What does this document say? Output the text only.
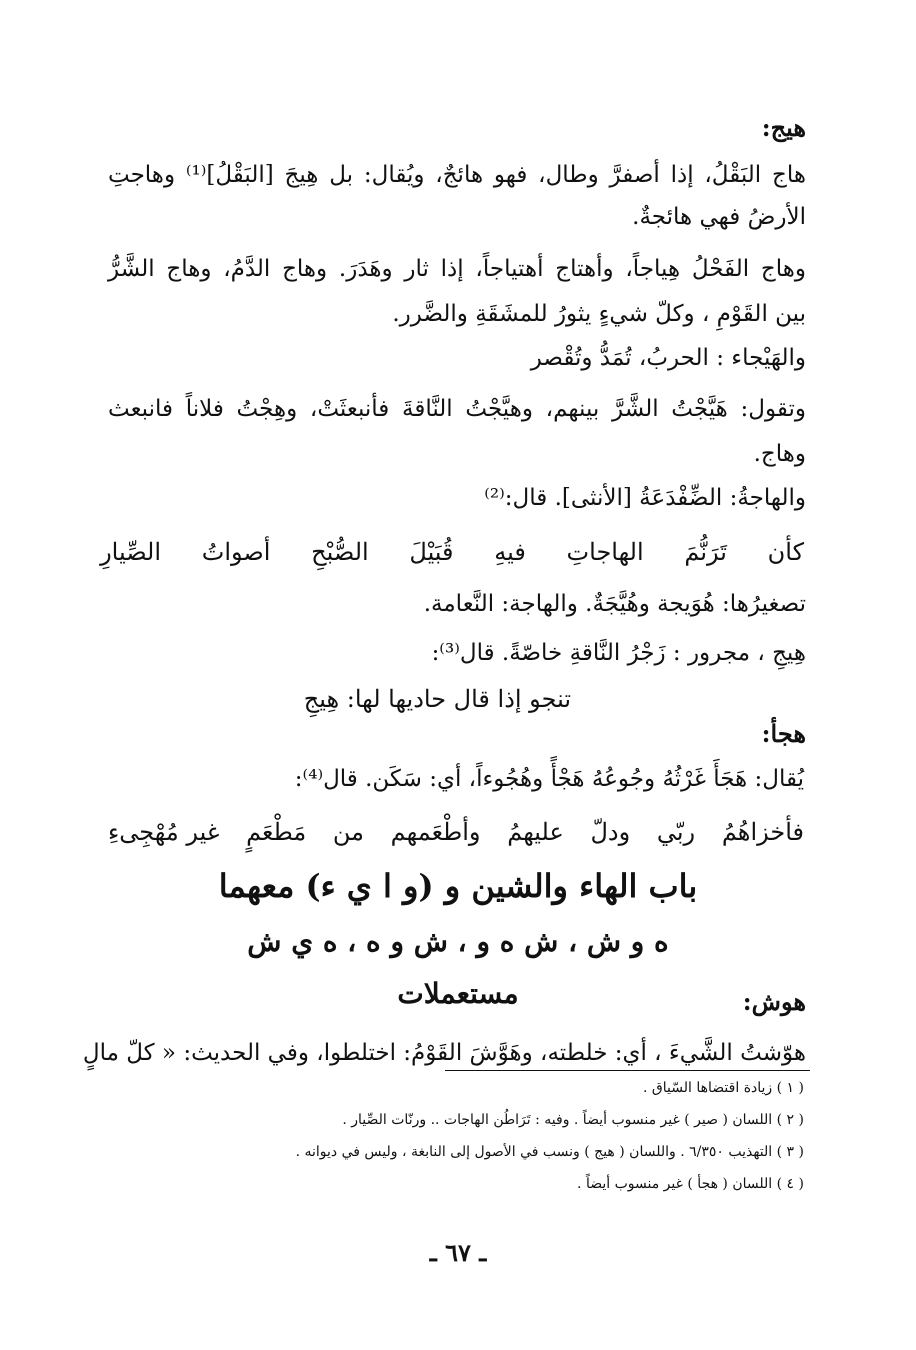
هيج:
هاج البَقْلُ، إذا أصفرَّ وطال، فهو هائجٌ، ويُقال: بل هِيجَ [البَقْلُ]⁽¹⁾ وهاجتِ
الأرضُ فهي هائجةٌ.
وهاج الفَحْلُ هِياجاً، وأهتاج أهتياجاً، إذا ثار وهَدَرَ. وهاج الدَّمُ، وهاج الشَّرُّ
بين القَوْمِ ، وكلّ شيءٍ يثورُ للمشَقَةِ والضَّرر.
والهَيْجاء : الحربُ، تُمَدُّ وتُقْصر
وتقول: هَيَّجْتُ الشَّرَّ بينهم، وهيَّجْتُ النَّاقةَ فأنبعثَتْ، وهِجْتُ فلاناً فانبعث
وهاج.
والهاجةُ: الضِّفْدَعَةُ [الأنثى]. قال:⁽²⁾
كأن
تَرَنُّمَ
الهاجاتِ
فيهِ
قُبَيْلَ
الصُّبْحِ
أصواتُ
الصِّيارِ
تصغيرُها: هُوَيجة وهُيَّجَةٌ. والهاجة: النَّعامة.
هِيجِ ، مجرور : زَجْرُ النَّاقةِ خاصّةً. قال⁽³⁾:
تنجو إذا قال حاديها لها: هِيجِ
هجأ:
يُقال: هَجَأَ غَرْثُهُ وجُوعُهُ هَجْأً وهُجُوءاً، أي: سَكَن. قال⁽⁴⁾:
فأخزاهُمُ
ربّي
ودلّ
عليهمُ
وأطْعَمهم
من
مَطْعَمٍ
غير مُهْجِىءِ
باب الهاء والشين و (و ا ي ء) معهما
ه و ش ، ش ه و ، ش و ه ، ه ي ش
مستعملات	هوش:
هوّشتُ الشَّيءَ ، أي: خلطته، وهَوَّشَ القَوْمُ: اختلطوا، وفي الحديث: « كلّ مالٍ
( ١ ) زيادة اقتضاها السّياق .
( ٢ ) اللسان ( صير ) غير منسوب أيضاً . وفيه : تَرَاطُن الهاجات .. ورنّات الصِّيار .
( ٣ ) التهذيب ٦/٣٥٠ . واللسان ( هيج ) ونسب في الأصول إلى النابغة ، وليس في ديوانه .
( ٤ ) اللسان ( هجأ ) غير منسوب أيضاً .
ـ ٦٧ ـ
